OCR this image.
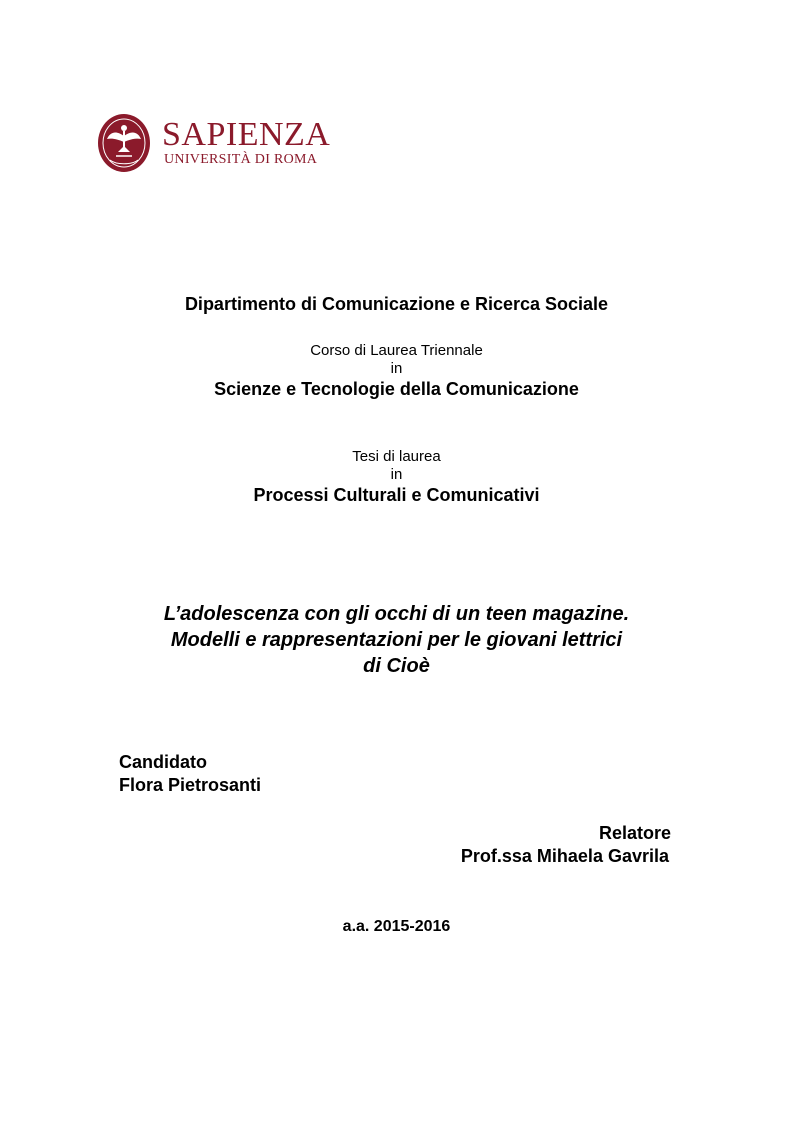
SAPIENZA
UNIVERSITÀ DI ROMA
Dipartimento di Comunicazione e Ricerca Sociale
Corso di Laurea Triennale
in
Scienze e Tecnologie della Comunicazione
Tesi di laurea
in
Processi Culturali e Comunicativi
L’adolescenza con gli occhi di un teen magazine.
Modelli e rappresentazioni per le giovani lettrici
di Cioè
Candidato
Flora Pietrosanti
Relatore
Prof.ssa Mihaela Gavrila
a.a. 2015-2016
